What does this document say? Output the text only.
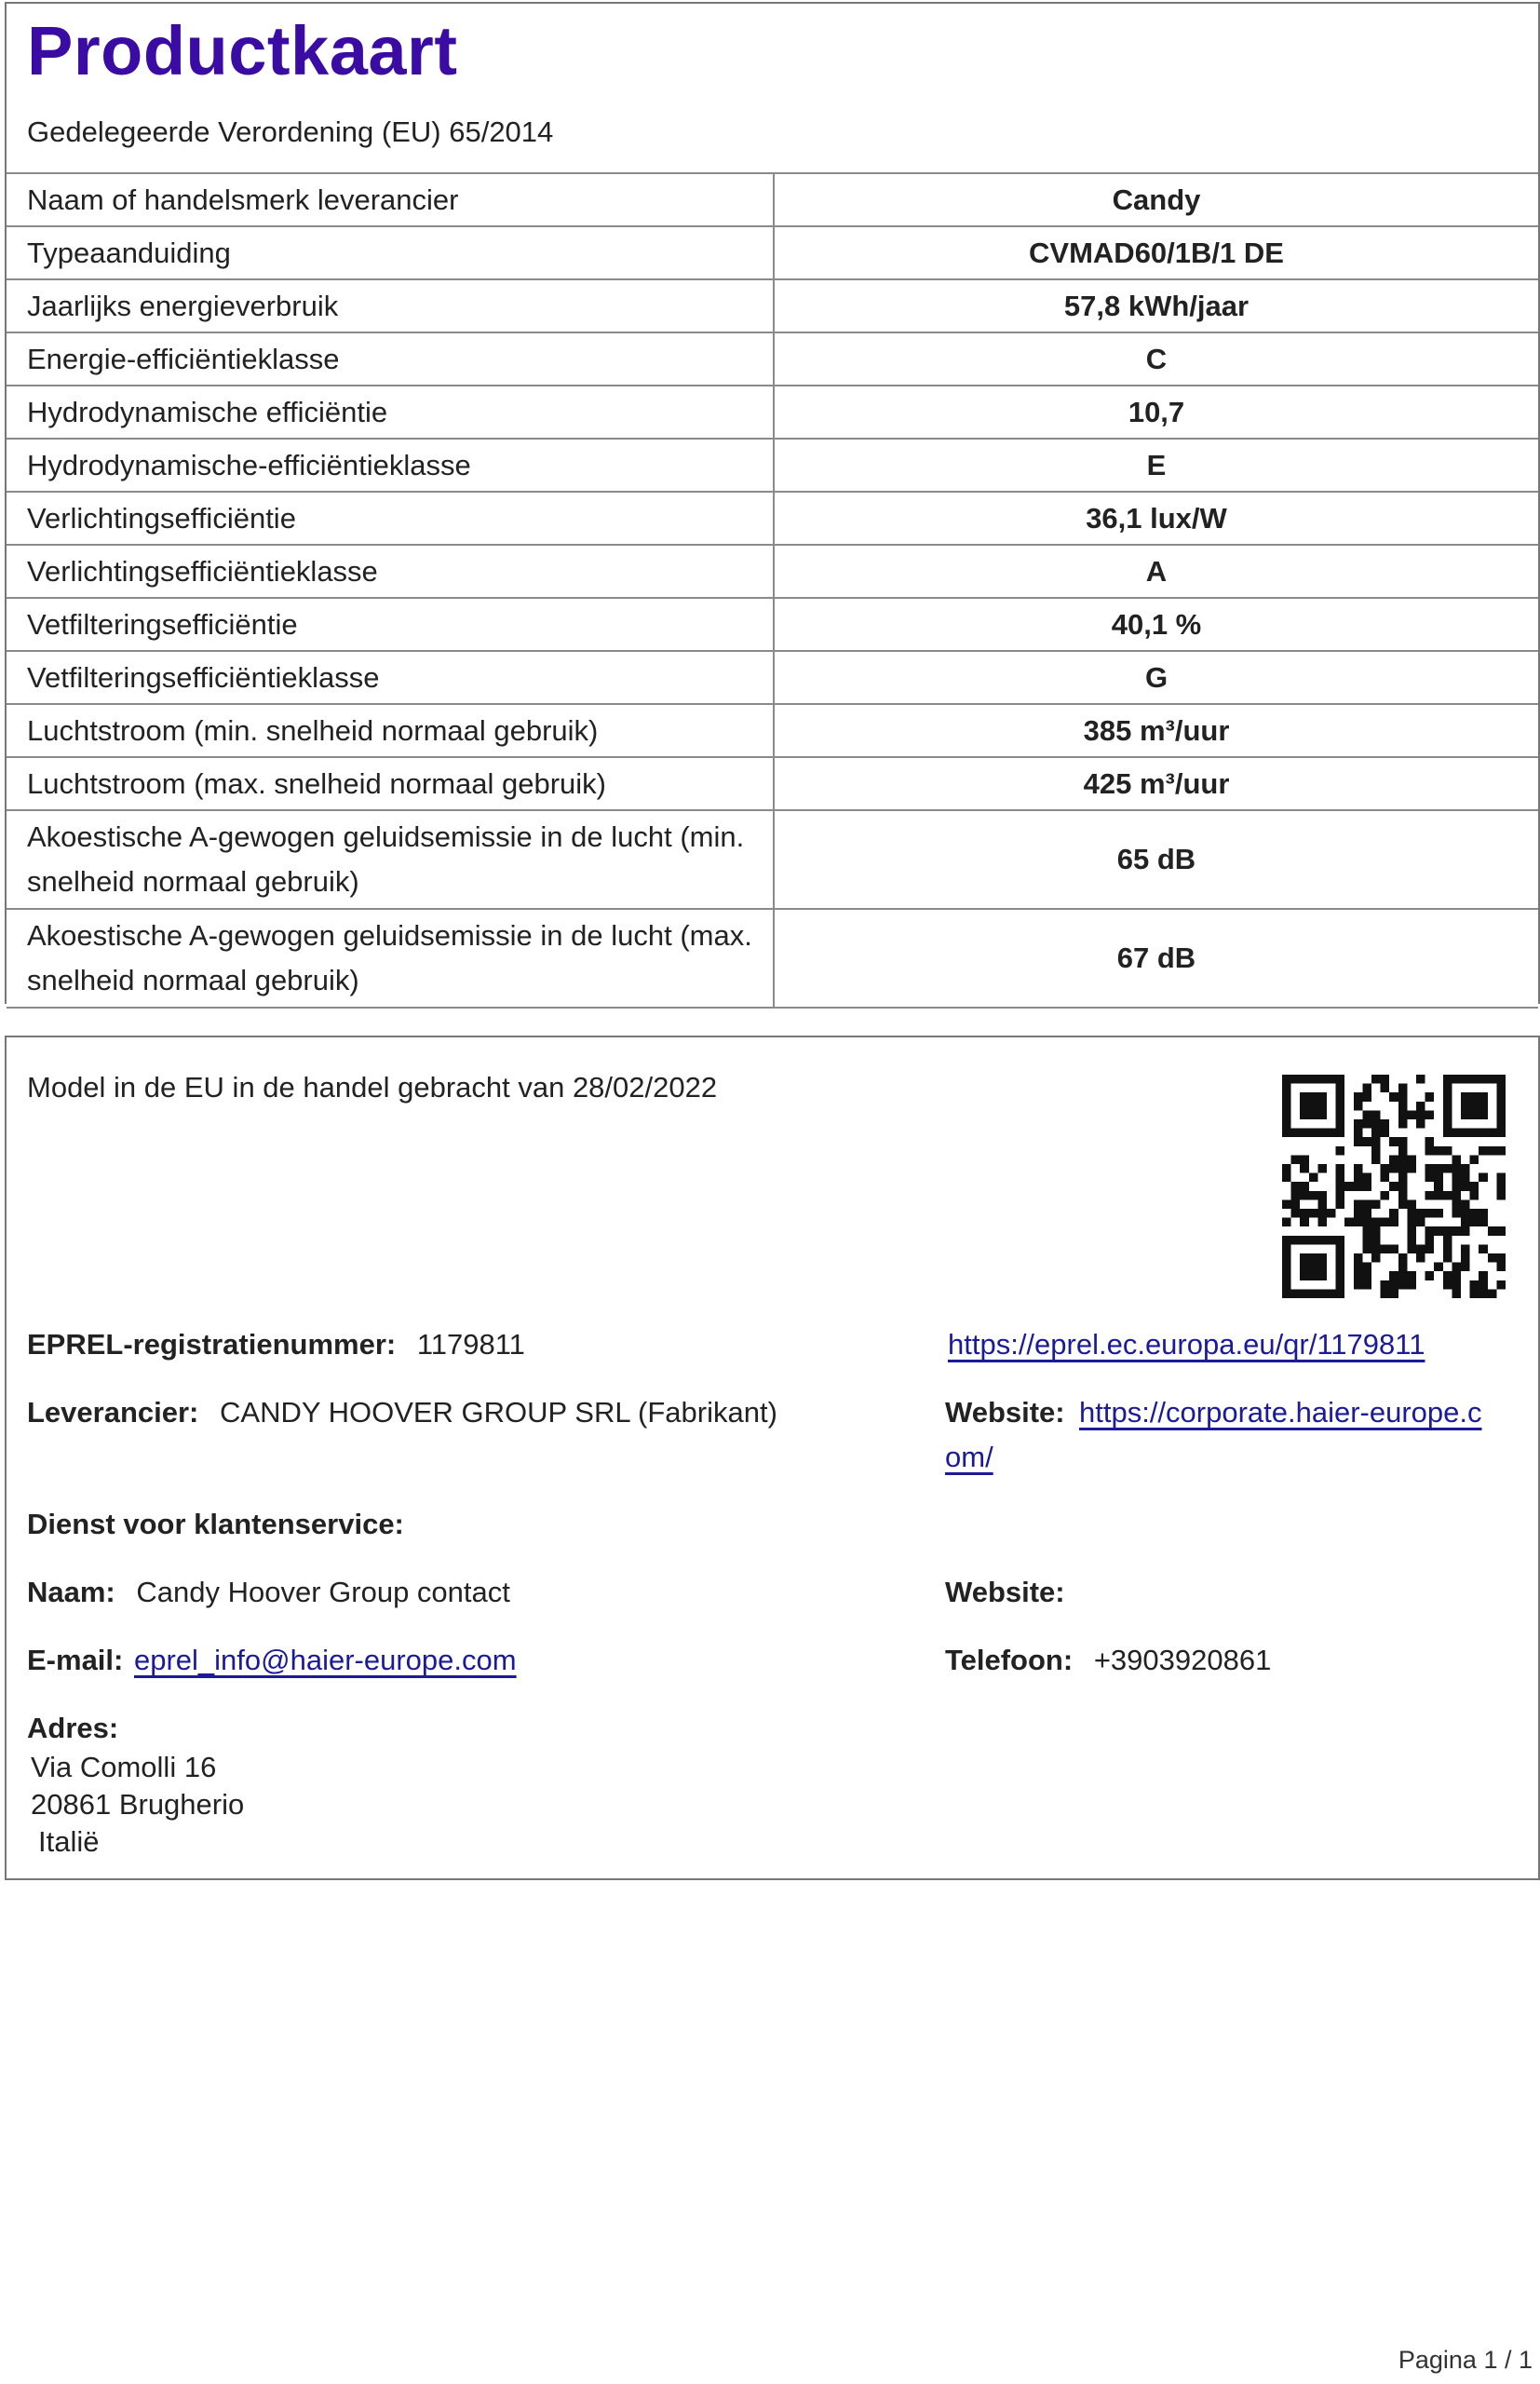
Productkaart
Gedelegeerde Verordening (EU) 65/2014
Naam of handelsmerk leverancier	Candy
Typeaanduiding	CVMAD60/1B/1 DE
Jaarlijks energieverbruik	57,8 kWh/jaar
Energie-efficiëntieklasse	C
Hydrodynamische efficiëntie	10,7
Hydrodynamische-efficiëntieklasse	E
Verlichtingsefficiëntie	36,1 lux/W
Verlichtingsefficiëntieklasse	A
Vetfilteringsefficiëntie	40,1 %
Vetfilteringsefficiëntieklasse	G
Luchtstroom (min. snelheid normaal gebruik)	385 m³/uur
Luchtstroom (max. snelheid normaal gebruik)	425 m³/uur

Akoestische A-gewogen geluidsemissie in de lucht (min.
snelheid normaal gebruik)	65 dB

Akoestische A-gewogen geluidsemissie in de lucht (max.
snelheid normaal gebruik)	67 dB
Model in de EU in de handel gebracht van 28/02/2022
EPREL-registratienummer: 1179811	https://eprel.ec.europa.eu/qr/1179811
Leverancier: CANDY HOOVER GROUP SRL (Fabrikant)	Website: https://corporate.haier-europe.c
om/
Dienst voor klantenservice:
Naam: Candy Hoover Group contact	Website:
E-mail: eprel_info@haier-europe.com	Telefoon: +3903920861
Adres:
Via Comolli 16
20861 Brugherio
Italië
Pagina 1 / 1
